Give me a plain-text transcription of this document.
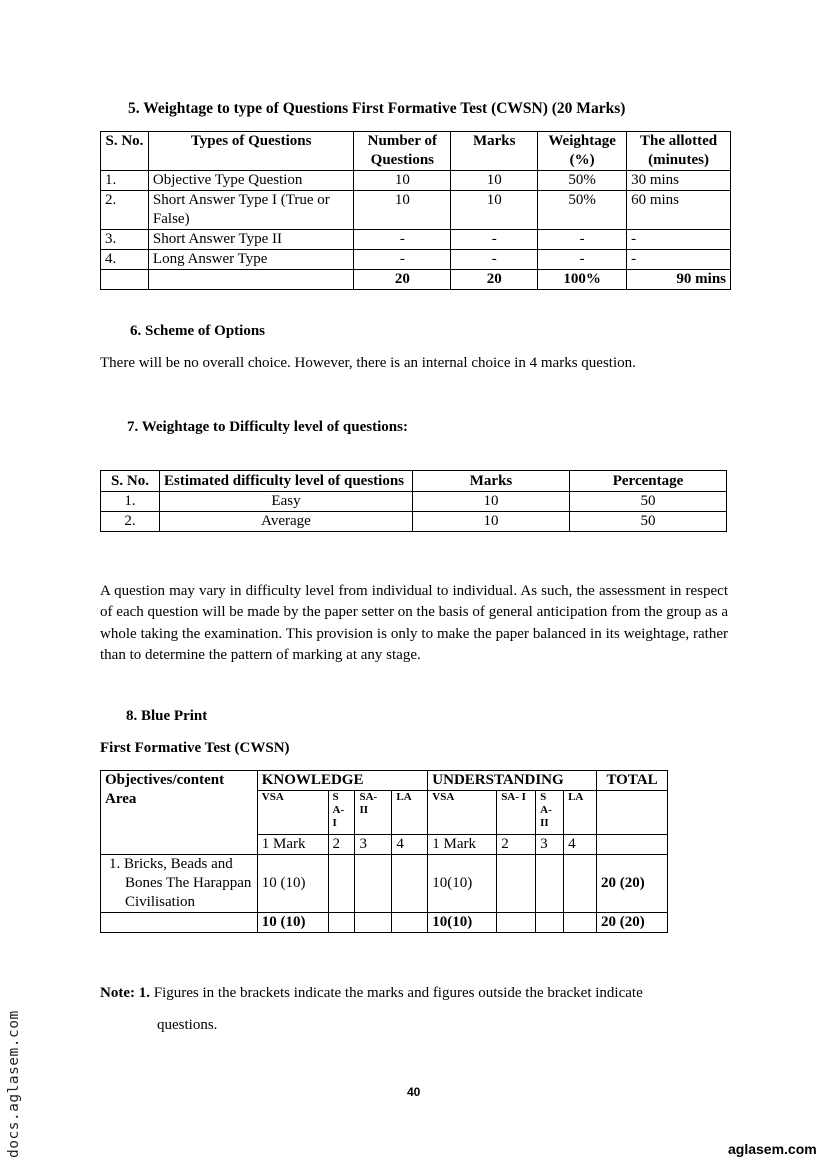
5. Weightage to type of Questions First Formative Test (CWSN) (20 Marks)
S. No.	Types of Questions	Number of Questions	Marks	Weightage (%)	The allotted (minutes)
1.	Objective Type Question	10	10	50%	30 mins
2.	Short Answer Type I (True or False)	10	10	50%	60 mins
3.	Short Answer Type II	-	-	-	-
4.	Long Answer Type	-	-	-	-
		20	20	100%	90 mins
6. Scheme of Options
There will be no overall choice. However, there is an internal choice in 4 marks question.
7. Weightage to Difficulty level of questions:
S. No.	Estimated difficulty level of questions	Marks	Percentage
1.	Easy	10	50
2.	Average	10	50
A question may vary in difficulty level from individual to individual. As such, the assessment in respect of each question will be made by the paper setter on the basis of general anticipation from the group as a whole taking the examination. This provision is only to make the paper balanced in its weightage, rather than to determine the pattern of marking at any stage.
8. Blue Print
First Formative Test (CWSN)
Objectives/content Area	KNOWLEDGE				UNDERSTANDING				TOTAL
	VSA	S A- I	SA- II	LA	VSA	SA- I	S A- II	LA	
	1 Mark	2	3	4	1 Mark	2	3	4	

1. Bricks, Beads and Bones The Harappan Civilisation	10 (10)				10(10)				20 (20)
	10 (10)				10(10)				20 (20)
Note: 1. Figures in the brackets indicate the marks and figures outside the bracket indicate
questions.
40
docs.aglasem.com	aglasem.com
